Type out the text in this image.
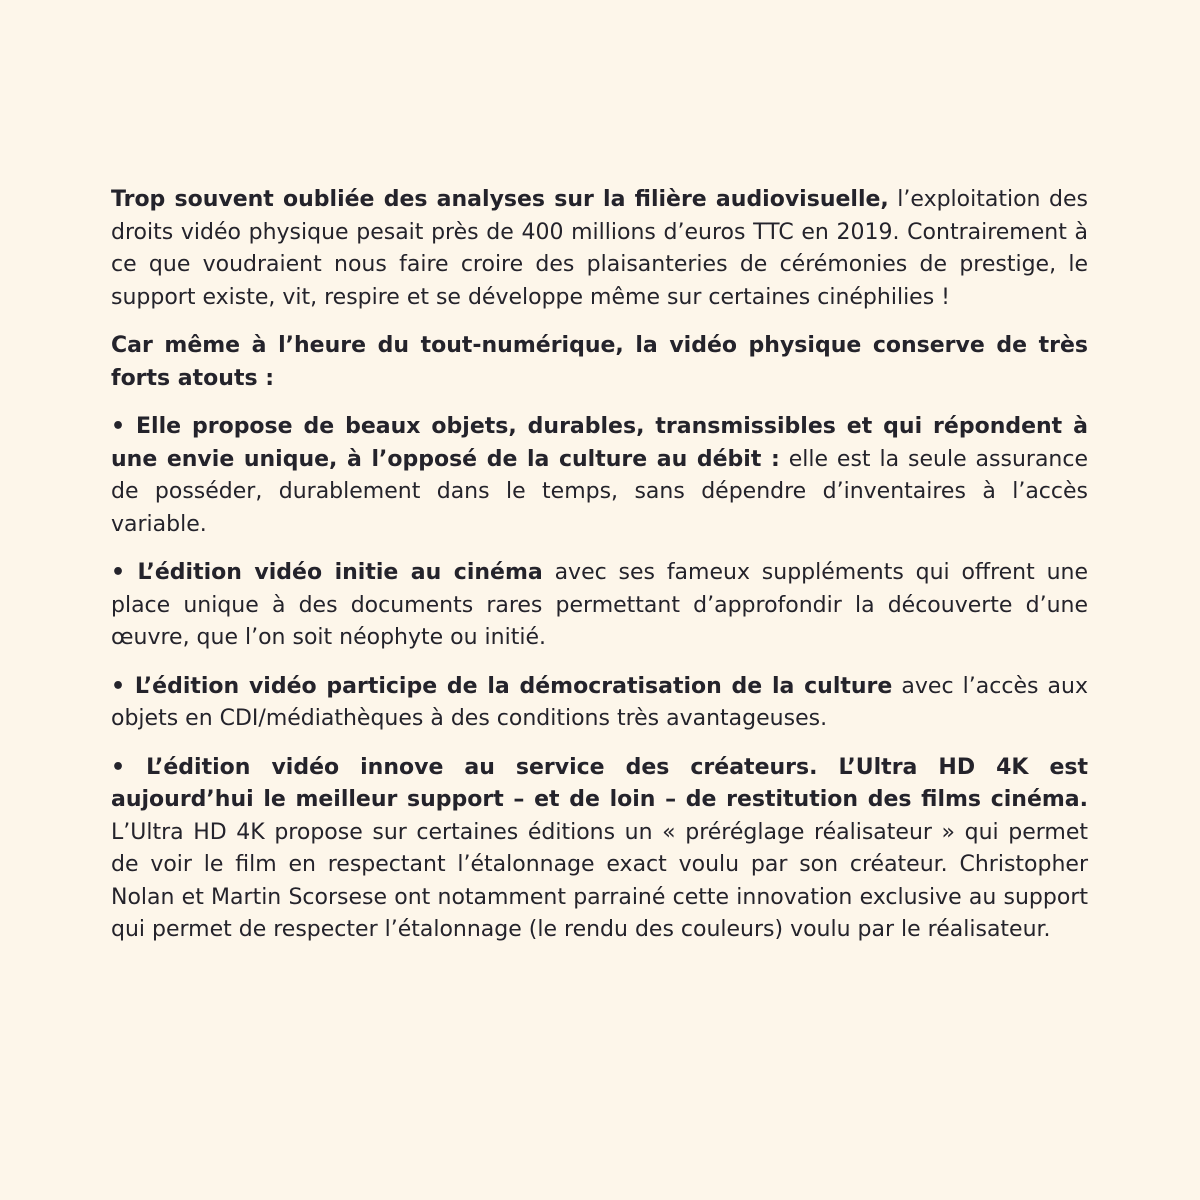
Trop souvent oubliée des analyses sur la filière audiovisuelle, l’exploitation des droits vidéo physique pesait près de 400 millions d’euros TTC en 2019. Contrairement à ce que voudraient nous faire croire des plaisanteries de cérémonies de prestige, le support existe, vit, respire et se développe même sur certaines cinéphilies !

Car même à l’heure du tout-numérique, la vidéo physique conserve de très forts atouts :

• Elle propose de beaux objets, durables, transmissibles et qui répondent à une envie unique, à l’opposé de la culture au débit : elle est la seule assurance de posséder, durablement dans le temps, sans dépendre d’inventaires à l’accès variable.

• L’édition vidéo initie au cinéma avec ses fameux suppléments qui offrent une place unique à des documents rares permettant d’approfondir la découverte d’une œuvre, que l’on soit néophyte ou initié.

• L’édition vidéo participe de la démocratisation de la culture avec l’accès aux objets en CDI/médiathèques à des conditions très avantageuses.

• L’édition vidéo innove au service des créateurs. L’Ultra HD 4K est aujourd’hui le meilleur support – et de loin – de restitution des films cinéma. L’Ultra HD 4K propose sur certaines éditions un « préréglage réalisateur » qui permet de voir le film en respectant l’étalonnage exact voulu par son créateur. Christopher Nolan et Martin Scorsese ont notamment parrainé cette innovation exclusive au support qui permet de respecter l’étalonnage (le rendu des couleurs) voulu par le réalisateur.
